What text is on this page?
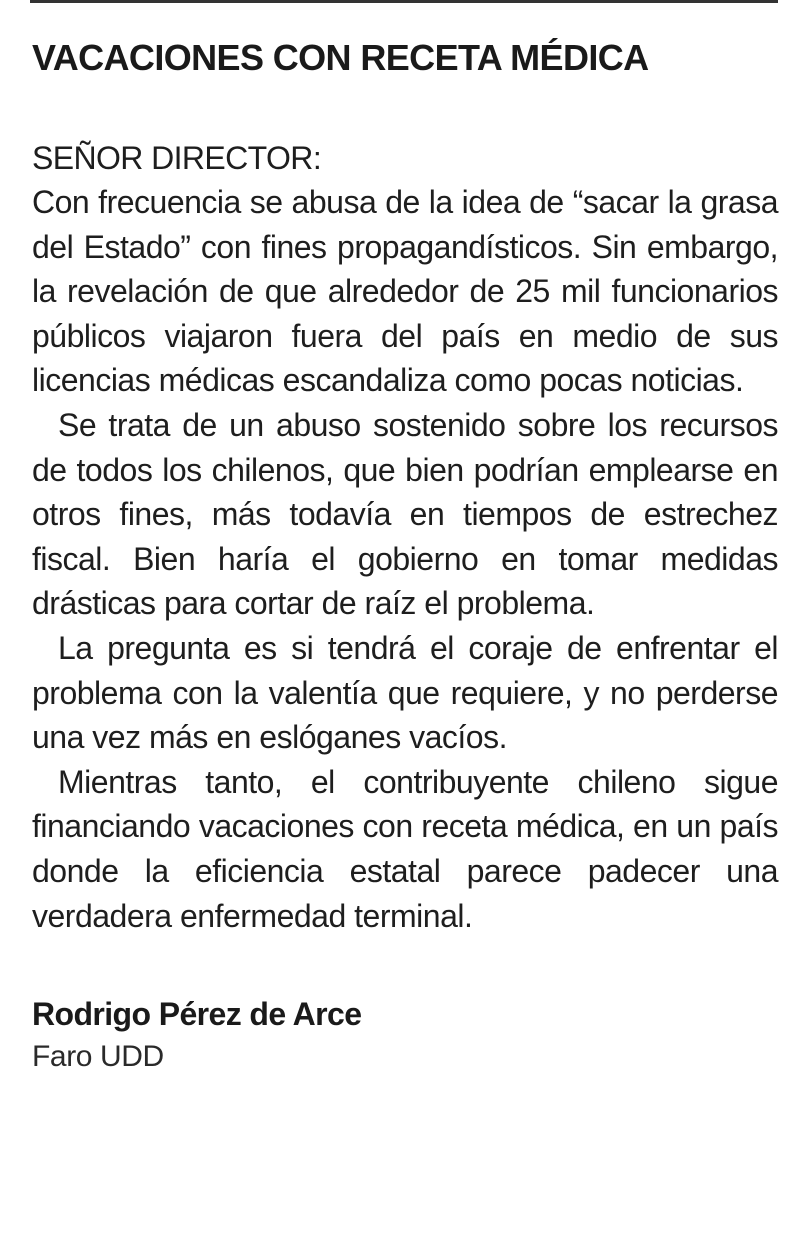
VACACIONES CON RECETA MÉDICA
SEÑOR DIRECTOR:

Con frecuencia se abusa de la idea de “sacar la grasa del Estado” con fines propagandísticos. Sin embargo, la revelación de que alrededor de 25 mil funcionarios públicos viajaron fuera del país en medio de sus licencias médicas escandaliza como pocas noticias.

Se trata de un abuso sostenido sobre los recursos de todos los chilenos, que bien podrían emplearse en otros fines, más todavía en tiempos de estrechez fiscal. Bien haría el gobierno en tomar medidas drásticas para cortar de raíz el problema.

La pregunta es si tendrá el coraje de enfrentar el problema con la valentía que requiere, y no perderse una vez más en eslóganes vacíos.

Mientras tanto, el contribuyente chileno sigue financiando vacaciones con receta médica, en un país donde la eficiencia estatal parece padecer una verdadera enfermedad terminal.

Rodrigo Pérez de Arce
Faro UDD
